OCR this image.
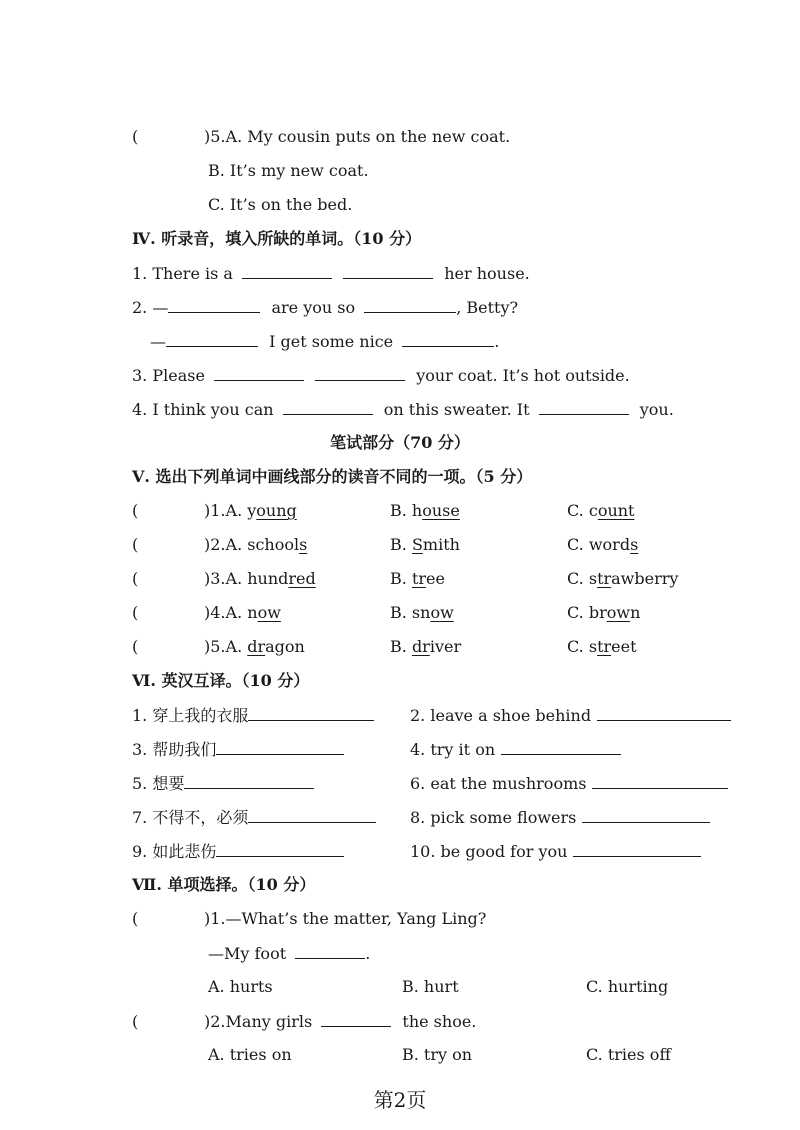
(	)5.A. My cousin puts on the new coat.
B. It’s my new coat.
C. It’s on the bed.
Ⅳ. 听录音，填入所缺的单词。（10 分）
1. There is a	her house.
2. —	are you so	, Betty?
—	I get some nice	.
3. Please	your coat. It’s hot outside.
4. I think you can	on this sweater. It	you.
笔试部分（70 分）
Ⅴ. 选出下列单词中画线部分的读音不同的一项。（5 分）
(	)1.A. young	B. house	C. count
(	)2.A. schools	B. Smith	C. words
(	)3.A. hundred	B. tree	C. strawberry
(	)4.A. now	B. snow	C. brown
(	)5.A. dragon	B. driver	C. street
Ⅵ. 英汉互译。（10 分）
1. 穿上我的衣服	2. leave a shoe behind
3. 帮助我们	4. try it on
5. 想要	6. eat the mushrooms
7. 不得不，必须	8. pick some flowers
9. 如此悲伤	10. be good for you
Ⅶ. 单项选择。（10 分）
(	)1.—What’s the matter, Yang Ling?
—My foot	.
A. hurts	B. hurt	C. hurting
(	)2.Many girls	the shoe.
A. tries on	B. try on	C. tries off
第2页
